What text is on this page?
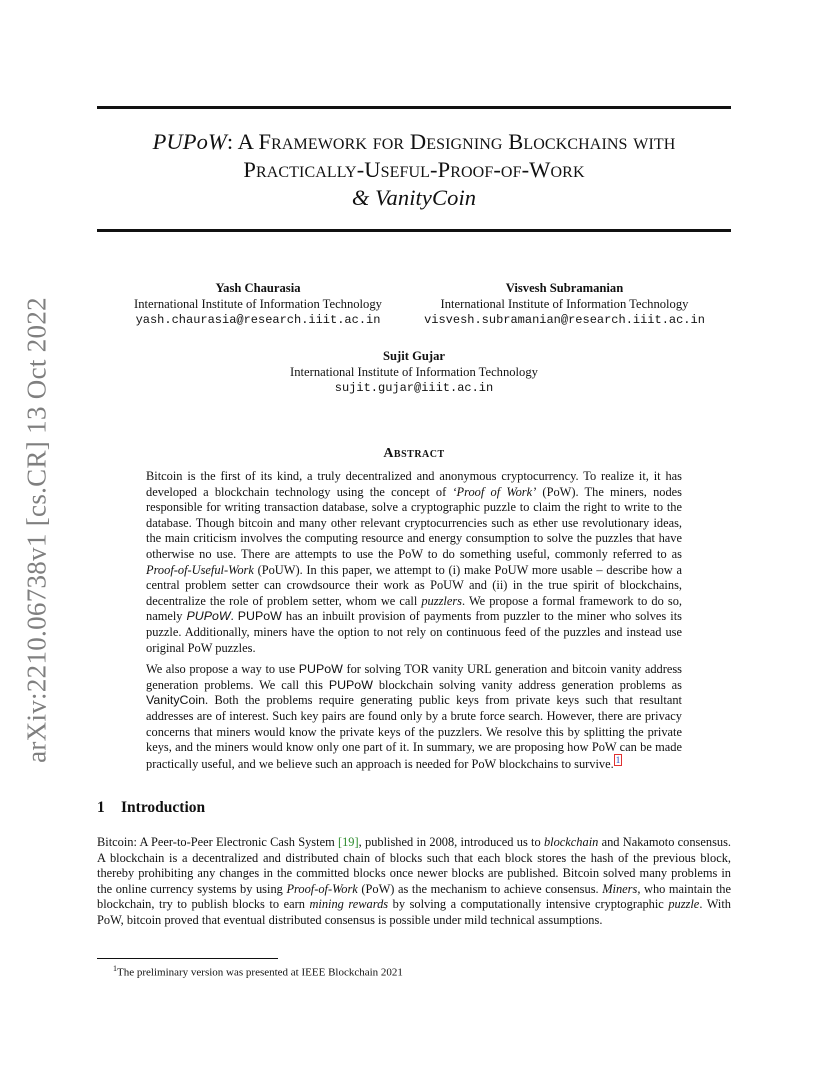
arXiv:2210.06738v1 [cs.CR] 13 Oct 2022
PUPoW: A Framework for Designing Blockchains with
Practically-Useful-Proof-of-Work
& VanityCoin
Yash Chaurasia
International Institute of Information Technology
yash.chaurasia@research.iiit.ac.in
Visvesh Subramanian
International Institute of Information Technology
visvesh.subramanian@research.iiit.ac.in
Sujit Gujar
International Institute of Information Technology
sujit.gujar@iiit.ac.in
Abstract

Bitcoin is the first of its kind, a truly decentralized and anonymous cryptocurrency. To realize it, it has developed a blockchain technology using the concept of ‘Proof of Work’ (PoW). The miners, nodes responsible for writing transaction database, solve a cryptographic puzzle to claim the right to write to the database. Though bitcoin and many other relevant cryptocurrencies such as ether use revolutionary ideas, the main criticism involves the computing resource and energy consumption to solve the puzzles that have otherwise no use. There are attempts to use the PoW to do something useful, commonly referred to as Proof-of-Useful-Work (PoUW). In this paper, we attempt to (i) make PoUW more usable – describe how a central problem setter can crowdsource their work as PoUW and (ii) in the true spirit of blockchains, decentralize the role of problem setter, whom we call puzzlers. We propose a formal framework to do so, namely PUPoW. PUPoW has an inbuilt provision of payments from puzzler to the miner who solves its puzzle. Additionally, miners have the option to not rely on continuous feed of the puzzles and instead use original PoW puzzles.

We also propose a way to use PUPoW for solving TOR vanity URL generation and bitcoin vanity address generation problems. We call this PUPoW blockchain solving vanity address generation problems as VanityCoin. Both the problems require generating public keys from private keys such that resultant addresses are of interest. Such key pairs are found only by a brute force search. However, there are privacy concerns that miners would know the private keys of the puzzlers. We resolve this by splitting the private keys, and the miners would know only one part of it. In summary, we are proposing how PoW can be made practically useful, and we believe such an approach is needed for PoW blockchains to survive. $^1$

1 Introduction
Bitcoin: A Peer-to-Peer Electronic Cash System [19], published in 2008, introduced us to blockchain and Nakamoto consensus. A blockchain is a decentralized and distributed chain of blocks such that each block stores the hash of the previous block, thereby prohibiting any changes in the committed blocks once newer blocks are published. Bitcoin solved many problems in the online currency systems by using Proof-of-Work (PoW) as the mechanism to achieve consensus. Miners, who maintain the blockchain, try to publish blocks to earn mining rewards by solving a computationally intensive cryptographic puzzle. With PoW, bitcoin proved that eventual distributed consensus is possible under mild technical assumptions.
$^1$The preliminary version was presented at IEEE Blockchain 2021
